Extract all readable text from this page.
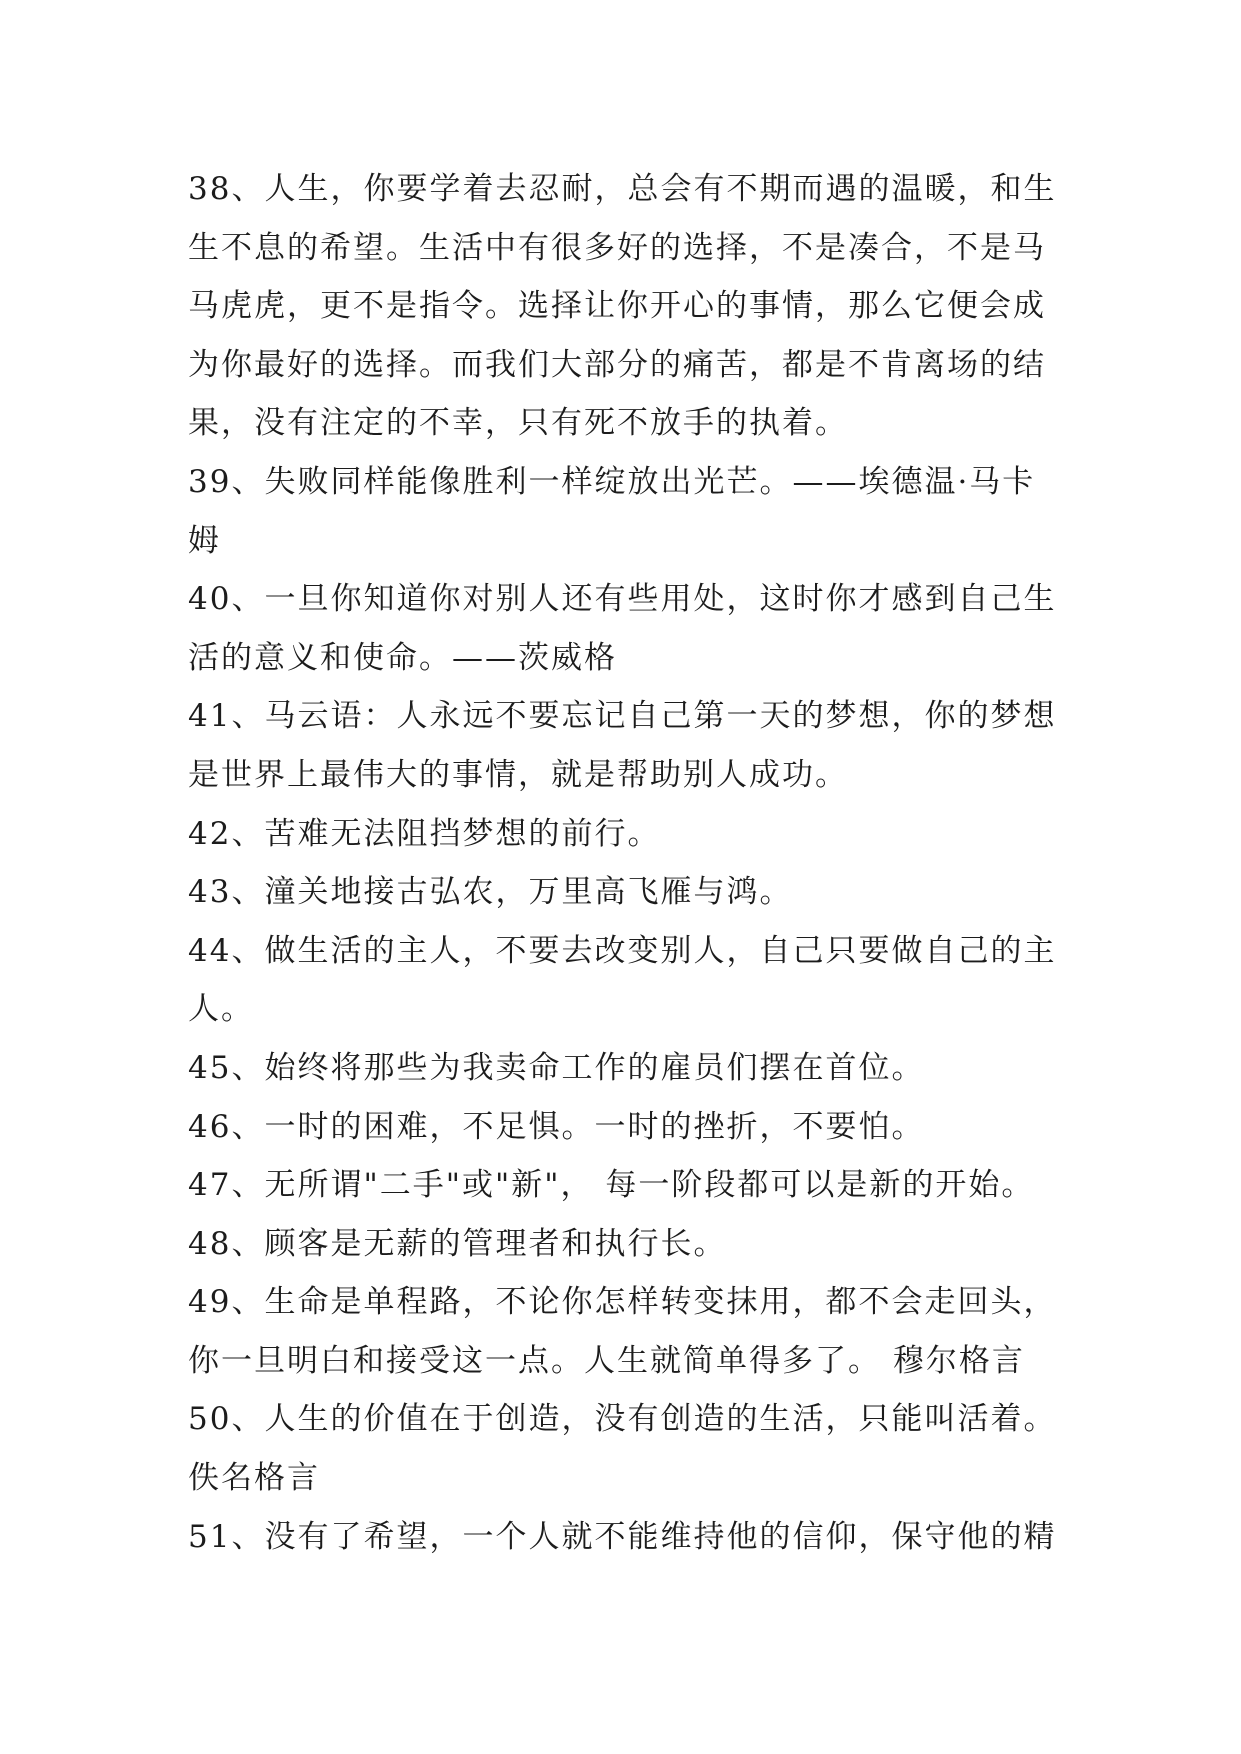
38、人生，你要学着去忍耐，总会有不期而遇的温暖，和生
生不息的希望。生活中有很多好的选择，不是凑合，不是马
马虎虎，更不是指令。选择让你开心的事情，那么它便会成
为你最好的选择。而我们大部分的痛苦，都是不肯离场的结
果，没有注定的不幸，只有死不放手的执着。
39、失败同样能像胜利一样绽放出光芒。——埃德温·马卡
姆
40、一旦你知道你对别人还有些用处，这时你才感到自己生
活的意义和使命。——茨威格
41、马云语：人永远不要忘记自己第一天的梦想，你的梦想
是世界上最伟大的事情，就是帮助别人成功。
42、苦难无法阻挡梦想的前行。
43、潼关地接古弘农，万里高飞雁与鸿。
44、做生活的主人，不要去改变别人，自己只要做自己的主
人。
45、始终将那些为我卖命工作的雇员们摆在首位。
46、一时的困难，不足惧。一时的挫折，不要怕。
47、无所谓"二手"或"新"， 每一阶段都可以是新的开始。
48、顾客是无薪的管理者和执行长。
49、生命是单程路，不论你怎样转变抹用，都不会走回头，
你一旦明白和接受这一点。人生就简单得多了。 穆尔格言
50、人生的价值在于创造，没有创造的生活，只能叫活着。
佚名格言
51、没有了希望，一个人就不能维持他的信仰，保守他的精
